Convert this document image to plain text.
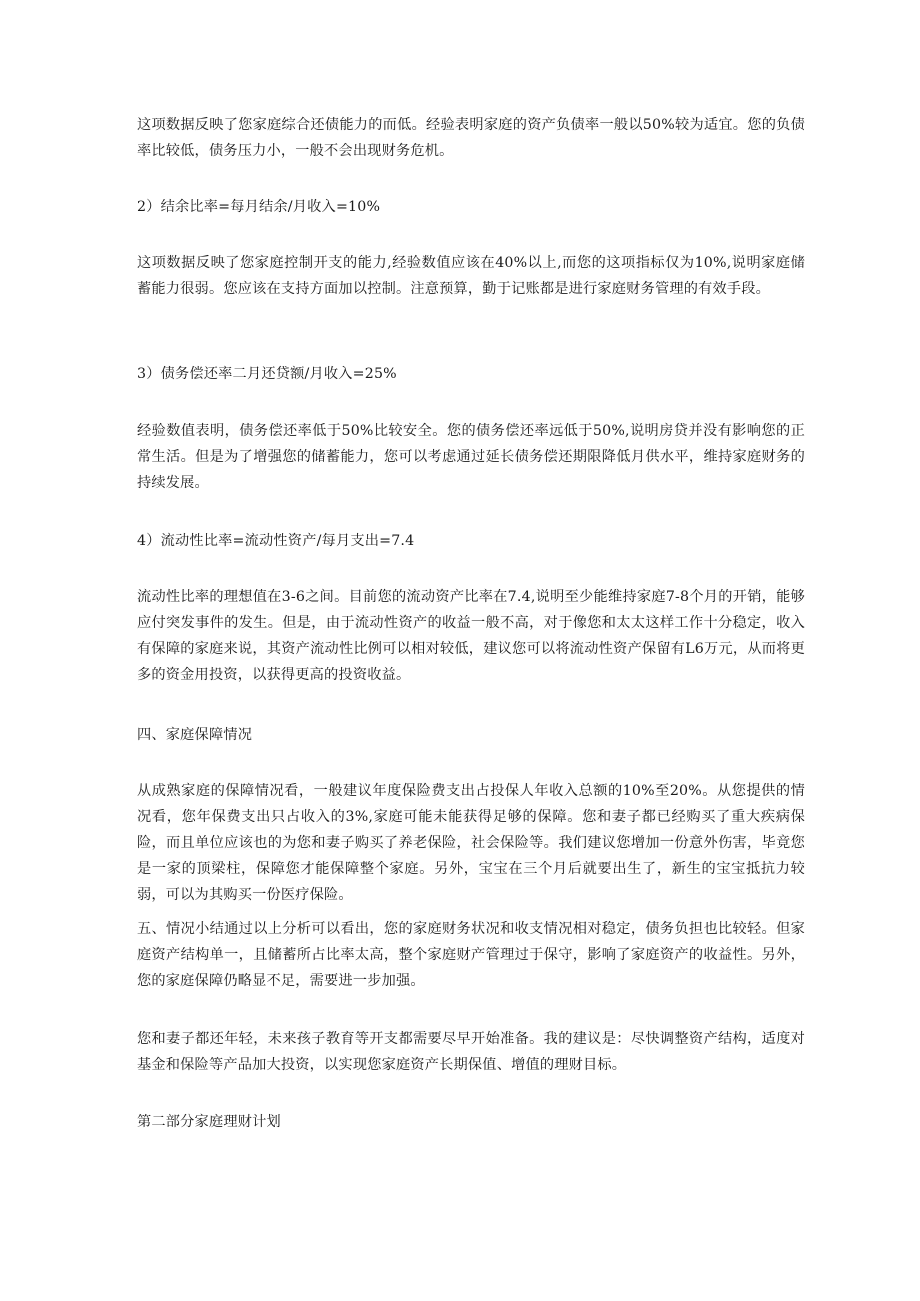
这项数据反映了您家庭综合还债能力的而低。经验表明家庭的资产负债率一般以50%较为适宜。您的负债率比较低，债务压力小，一般不会出现财务危机。

2）结余比率=每月结余/月收入=10%

这项数据反映了您家庭控制开支的能力,经验数值应该在40%以上,而您的这项指标仅为10%,说明家庭储蓄能力很弱。您应该在支持方面加以控制。注意预算，勤于记账都是进行家庭财务管理的有效手段。

3）债务偿还率二月还贷额/月收入=25%

经验数值表明，债务偿还率低于50%比较安全。您的债务偿还率远低于50%,说明房贷并没有影响您的正常生活。但是为了增强您的储蓄能力，您可以考虑通过延长债务偿还期限降低月供水平，维持家庭财务的持续发展。

4）流动性比率=流动性资产/每月支出=7.4

流动性比率的理想值在3-6之间。目前您的流动资产比率在7.4,说明至少能维持家庭7-8个月的开销，能够应付突发事件的发生。但是，由于流动性资产的收益一般不高，对于像您和太太这样工作十分稳定，收入有保障的家庭来说，其资产流动性比例可以相对较低，建议您可以将流动性资产保留有L6万元，从而将更多的资金用投资，以获得更高的投资收益。

四、家庭保障情况

从成熟家庭的保障情况看，一般建议年度保险费支出占投保人年收入总额的10%至20%。从您提供的情况看，您年保费支出只占收入的3%,家庭可能未能获得足够的保障。您和妻子都已经购买了重大疾病保险，而且单位应该也的为您和妻子购买了养老保险，社会保险等。我们建议您增加一份意外伤害，毕竟您是一家的顶梁柱，保障您才能保障整个家庭。另外，宝宝在三个月后就要出生了，新生的宝宝抵抗力较弱，可以为其购买一份医疗保险。

五、情况小结通过以上分析可以看出，您的家庭财务状况和收支情况相对稳定，债务负担也比较轻。但家庭资产结构单一，且储蓄所占比率太高，整个家庭财产管理过于保守，影响了家庭资产的收益性。另外，您的家庭保障仍略显不足，需要进一步加强。

您和妻子都还年轻，未来孩子教育等开支都需要尽早开始准备。我的建议是：尽快调整资产结构，适度对基金和保险等产品加大投资，以实现您家庭资产长期保值、增值的理财目标。

第二部分家庭理财计划
